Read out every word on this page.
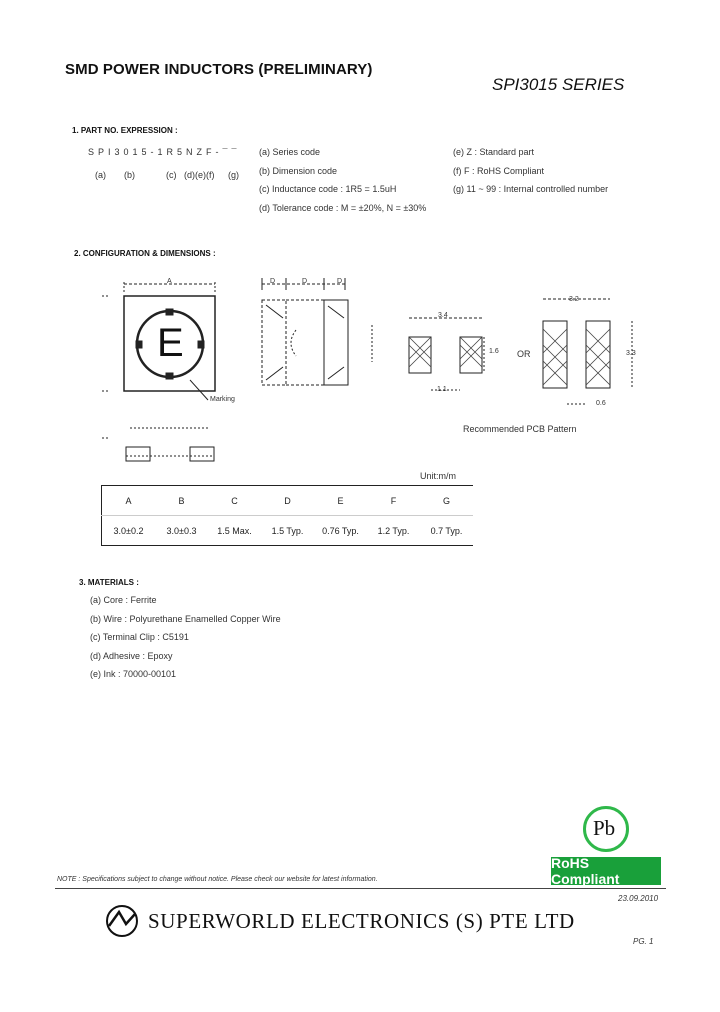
SMD POWER INDUCTORS (PRELIMINARY)
SPI3015 SERIES
1. PART NO. EXPRESSION :
SPI3015-1R5NZF-¯¯
(a) (b)	(c) (d)(e)(f) (g)
(a) Series code
(b) Dimension code
(c) Inductance code : 1R5 = 1.5uH
(d) Tolerance code : M = ±20%, N = ±30%
(e) Z : Standard part
(f) F : RoHS Compliant
(g) 11 ~ 99 : Internal controlled number
2. CONFIGURATION & DIMENSIONS :
E
Marking
A	D	D	D
3.4
1.6
1.1
OR
3.2
3.3
0.6
Recommended PCB Pattern
Unit:m/m
A	B	C	D	E	F	G
3.0±0.2	3.0±0.3	1.5 Max.	1.5 Typ.	0.76 Typ.	1.2 Typ.	0.7 Typ.
3. MATERIALS :
(a) Core : Ferrite
(b) Wire : Polyurethane Enamelled Copper Wire
(c) Terminal Clip : C5191
(d) Adhesive : Epoxy
(e) Ink : 70000-00101
Pb
RoHS Compliant
NOTE : Specifications subject to change without notice. Please check our website for latest information.
23.09.2010
SUPERWORLD ELECTRONICS (S) PTE LTD
PG. 1
